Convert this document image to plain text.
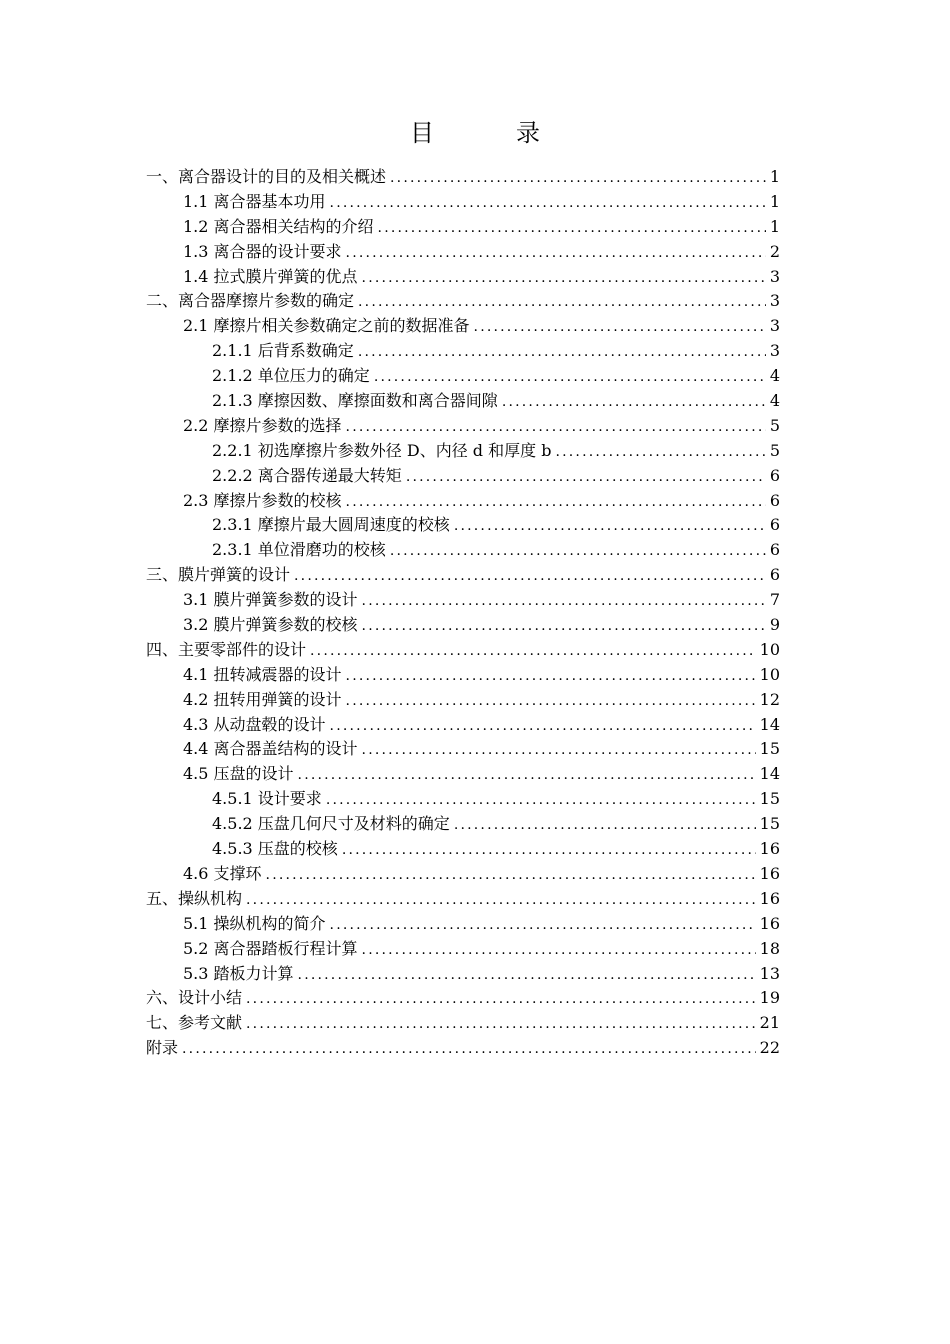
目	录
一、离合器设计的目的及相关概述 .....	1
1.1 离合器基本功用 .....	1
1.2 离合器相关结构的介绍 .....	1
1.3 离合器的设计要求 .....	2
1.4 拉式膜片弹簧的优点 .....	3
二、离合器摩擦片参数的确定 .....	3
2.1 摩擦片相关参数确定之前的数据准备 .....	3
2.1.1 后背系数确定 .....	3
2.1.2 单位压力的确定 .....	4
2.1.3 摩擦因数、摩擦面数和离合器间隙 .....	4
2.2 摩擦片参数的选择 .....	5
2.2.1 初选摩擦片参数外径 D、内径 d 和厚度 b .....	5
2.2.2 离合器传递最大转矩 .....	6
2.3 摩擦片参数的校核 .....	6
2.3.1 摩擦片最大圆周速度的校核 .....	6
2.3.1 单位滑磨功的校核 .....	6
三、膜片弹簧的设计 .....	6
3.1 膜片弹簧参数的设计 .....	7
3.2 膜片弹簧参数的校核 .....	9
四、主要零部件的设计 .....	10
4.1 扭转减震器的设计 .....	10
4.2 扭转用弹簧的设计 .....	12
4.3 从动盘毂的设计 .....	14
4.4 离合器盖结构的设计 .....	15
4.5 压盘的设计 .....	14
4.5.1 设计要求 .....	15
4.5.2 压盘几何尺寸及材料的确定 .....	15
4.5.3 压盘的校核 .....	16
4.6 支撑环 .....	16
五、操纵机构 .....	16
5.1 操纵机构的简介 .....	16
5.2 离合器踏板行程计算 .....	18
5.3 踏板力计算 .....	13
六、设计小结 .....	19
七、参考文献 .....	21
附录 .....	22
